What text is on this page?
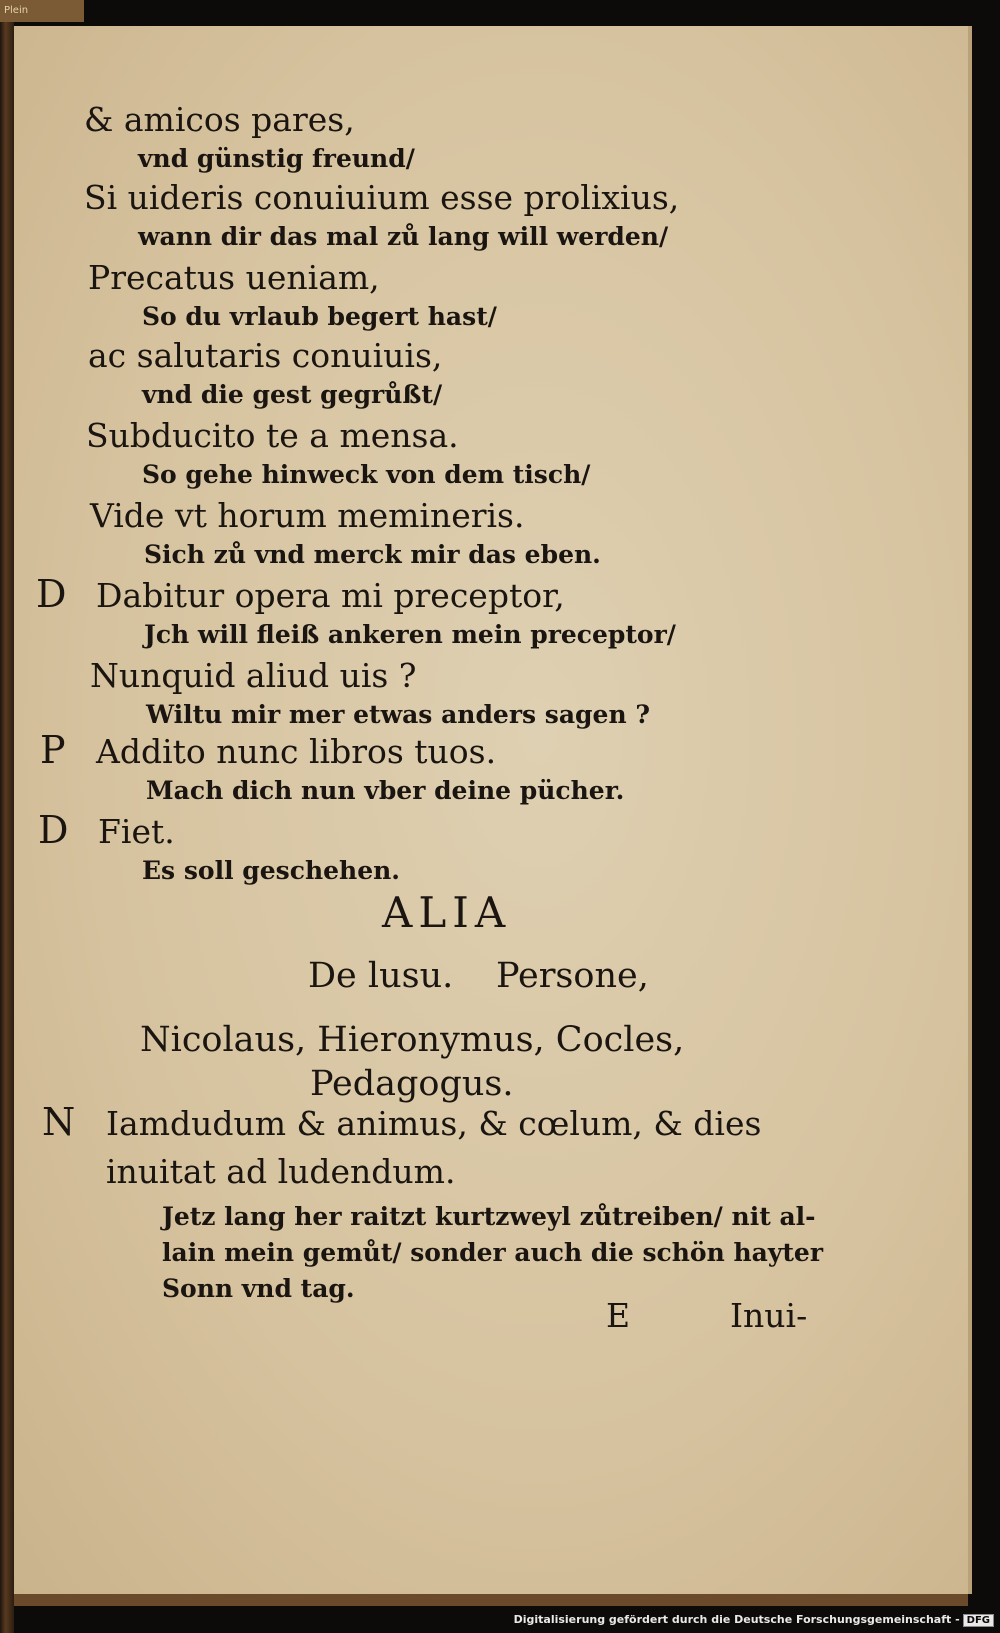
Plein
& amicos pares,
vnd günstig freund/
Si uideris conuiuium esse prolixius,
wann dir das mal zů lang will werden/
Precatus ueniam,
So du vrlaub begert hast/
ac salutaris conuiuis,
vnd die gest gegrůßt/
Subducito te a mensa.
So gehe hinweck von dem tisch/
Vide vt horum memineris.
Sich zů vnd merck mir das eben.
D Dabitur opera mi preceptor,
Jch will fleiß ankeren mein preceptor/
Nunquid aliud uis ?
Wiltu mir mer etwas anders sagen ?
P Addito nunc libros tuos.
Mach dich nun vber deine pücher.
D Fiet.
Es soll geschehen.
ALIA
De lusu. Persone,
Nicolaus, Hieronymus, Cocles,
Pedagogus.
N Iamdudum & animus, & cœlum, & dies
inuitat ad ludendum.
Jetz lang her raitzt kurtzweyl zůtreiben/ nit al-
lain mein gemůt/ sonder auch die schön hayter
Sonn vnd tag.
E	Inui-
Digitalisierung gefördert durch die Deutsche Forschungsgemeinschaft - DFG
